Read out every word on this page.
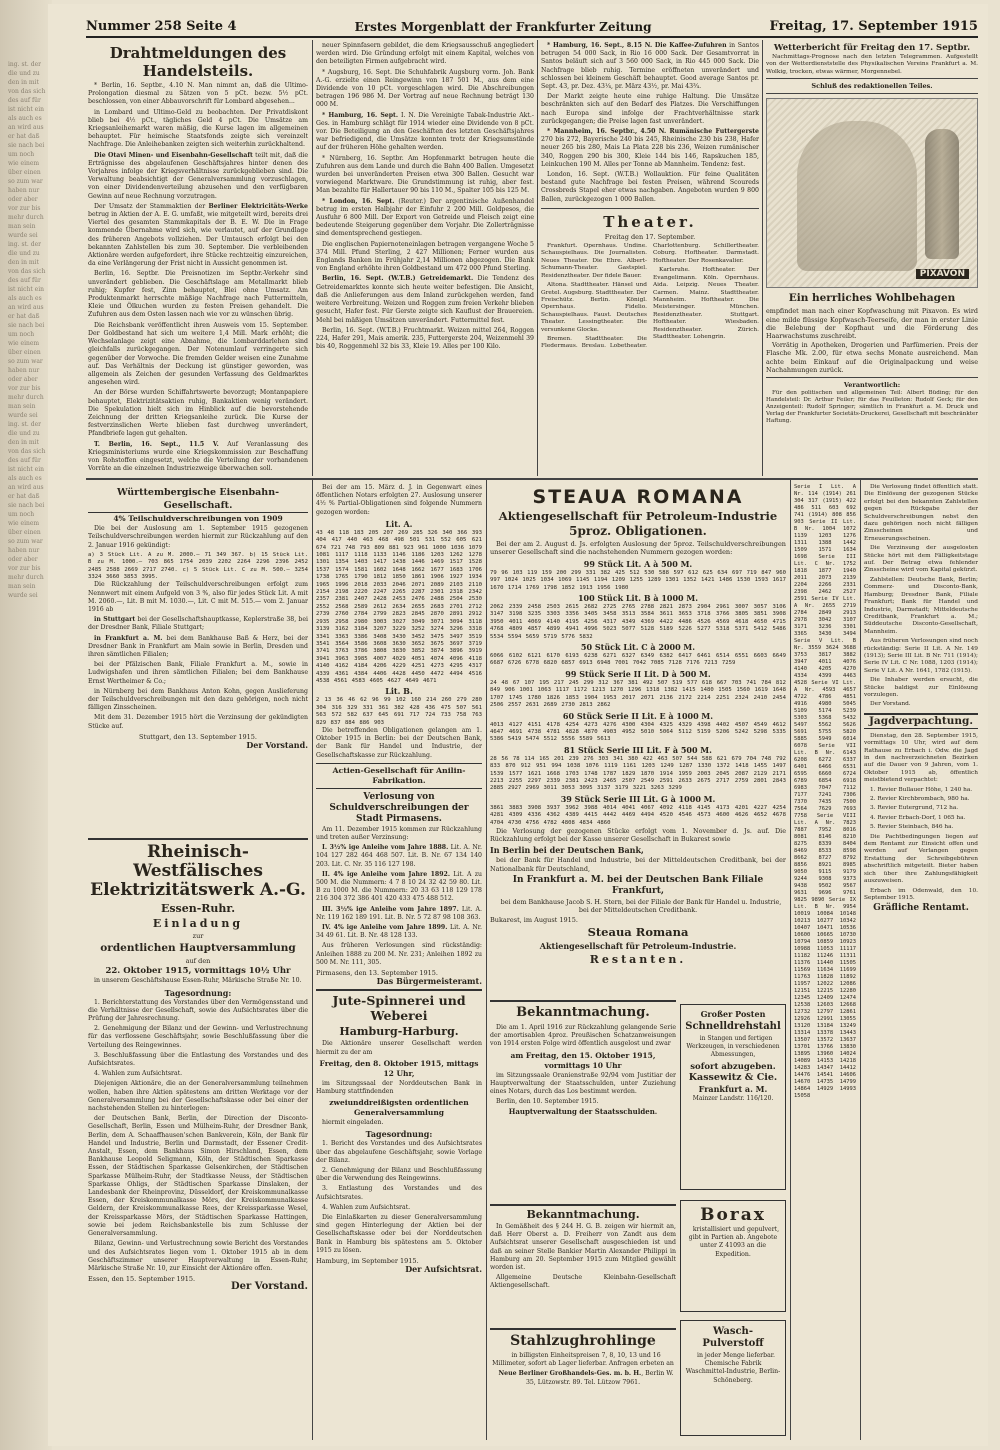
ing. st. der die und zu den in mit von das sich des auf für ist nicht ein als auch es an wird aus er hat daß sie nach bei um noch wie einem über einen so zum war haben nur oder aber vor zur bis mehr durch man sein wurde sei ing. st. der die und zu den in mit von das sich des auf für ist nicht ein als auch es an wird aus er hat daß sie nach bei um noch wie einem über einen so zum war haben nur oder aber vor zur bis mehr durch man sein wurde sei ing. st. der die und zu den in mit von das sich des auf für ist nicht ein als auch es an wird aus er hat daß sie nach bei um noch wie einem über einen so zum war haben nur oder aber vor zur bis mehr durch man sein wurde sei
Nummer 258 Seite 4	Erstes Morgenblatt der Frankfurter Zeitung	Freitag, 17. September 1915
Drahtmeldungen des Handelsteils.

* Berlin, 16. Septbr., 4.10 N. Man nimmt an, daß die Ultimo-Prolongation diesmal zu Sätzen von 5 pCt. bezw. 5½ pCt. beschlossen, von einer Abbauvorschrift für Lombard abgesehen...

in Lombard und Ultimo-Geld zu beobachten. Der Privatdiskont blieb bei 4½ pCt., tägliches Geld 4 pCt. Die Umsätze am Kriegsanleihemarkt waren mäßig, die Kurse lagen im allgemeinen behauptet. Für heimische Staatsfonds zeigte sich vereinzelt Nachfrage. Die Anleihebanken zeigten sich weiterhin zurückhaltend.

Die Otavi Minen- und Eisenbahn-Gesellschaft teilt mit, daß die Erträgnisse des abgelaufenen Geschäftsjahres hinter denen des Vorjahres infolge der Kriegsverhältnisse zurückgeblieben sind. Die Verwaltung beabsichtigt der Generalversammlung vorzuschlagen, von einer Dividendenverteilung abzusehen und den verfügbaren Gewinn auf neue Rechnung vorzutragen.

Der Umsatz der Stammaktien der Berliner Elektricitäts-Werke betrug in Aktien der A. E. G. umfaßt, wie mitgeteilt wird, bereits drei Viertel des gesamten Stammkapitals der B. E. W. Die in Frage kommende Übernahme wird sich, wie verlautet, auf der Grundlage des früheren Angebots vollziehen. Der Umtausch erfolgt bei den bekannten Zahlstellen bis zum 30. September. Die verbleibenden Aktionäre werden aufgefordert, ihre Stücke rechtzeitig einzureichen, da eine Verlängerung der Frist nicht in Aussicht genommen ist.

Berlin, 16. Septbr. Die Preisnotizen im Septbr.-Verkehr sind unverändert geblieben. Die Geschäftslage am Metallmarkt blieb ruhig; Kupfer fest, Zinn behauptet, Blei ohne Umsatz. Am Produktenmarkt herrschte mäßige Nachfrage nach Futtermitteln, Kleie und Ölkuchen wurden zu festen Preisen gehandelt. Die Zufuhren aus dem Osten lassen nach wie vor zu wünschen übrig.

Die Reichsbank veröffentlicht ihren Ausweis vom 15. September. Der Goldbestand hat sich um weitere 1,4 Mill. Mark erhöht; die Wechselanlage zeigt eine Abnahme, die Lombarddarlehen sind gleichfalls zurückgegangen. Der Notenumlauf verringerte sich gegenüber der Vorwoche. Die fremden Gelder weisen eine Zunahme auf. Das Verhältnis der Deckung ist günstiger geworden, was allgemein als Zeichen der gesunden Verfassung des Geldmarktes angesehen wird.

An der Börse wurden Schiffahrtswerte bevorzugt; Montanpapiere behauptet, Elektrizitätsaktien ruhig, Bankaktien wenig verändert. Die Spekulation hielt sich im Hinblick auf die bevorstehende Zeichnung der dritten Kriegsanleihe zurück. Die Kurse der festverzinslichen Werte blieben fast durchweg unverändert, Pfandbriefe lagen gut gehalten.

T. Berlin, 16. Sept., 11.5 V. Auf Veranlassung des Kriegsministeriums wurde eine Kriegskommission zur Beschaffung von Rohstoffen eingesetzt, welche die Verteilung der vorhandenen Vorräte an die einzelnen Industriezweige überwachen soll.

neuer Spinnfasern gebildet, die dem Kriegsausschuß angegliedert werden wird. Die Gründung erfolgt mit einem Kapital, welches von den beteiligten Firmen aufgebracht wird.

* Augsburg, 16. Sept. Die Schuhfabrik Augsburg vorm. Joh. Bank A.-G. erzielte einen Reingewinn von 187 501 M., aus dem eine Dividende von 10 pCt. vorgeschlagen wird. Die Abschreibungen betragen 196 986 M. Der Vortrag auf neue Rechnung beträgt 130 000 M.

* Hamburg, 16. Sept. I. N. Die Vereinigte Tabak-Industrie Akt.-Ges. in Hamburg schlägt für 1914 wieder eine Dividende von 8 pCt. vor. Die Beteiligung an den Geschäften des letzten Geschäftsjahres war befriedigend, die Umsätze konnten trotz der Kriegsumstände auf der früheren Höhe gehalten werden.

* Nürnberg, 16. Septbr. Am Hopfenmarkt betrugen heute die Zufuhren aus dem Lande und durch die Bahn 400 Ballen. Umgesetzt wurden bei unveränderten Preisen etwa 300 Ballen. Gesucht war vorwiegend Marktware. Die Grundstimmung ist ruhig, aber fest. Man bezahlte für Hallertauer 90 bis 110 M., Spalter 105 bis 125 M.

* London, 16. Sept. (Reuter.) Der argentinische Außenhandel betrug im ersten Halbjahr der Einfuhr 2 200 Mill. Goldpesos, die Ausfuhr 6 800 Mill. Der Export von Getreide und Fleisch zeigt eine bedeutende Steigerung gegenüber dem Vorjahr. Die Zollerträgnisse sind dementsprechend gestiegen.

Die englischen Papiernoteneinlagen betragen vergangene Woche 5 374 Mill. Pfund Sterling, 2 427 Millionen; Ferner wurden aus Englands Banken im Frühjahr 2,14 Millionen abgezogen. Die Bank von England erhöhte ihren Goldbestand um 472 000 Pfund Sterling.

Berlin, 16. Sept. (W.T.B.) Getreidemarkt. Die Tendenz des Getreidemarktes konnte sich heute weiter befestigen. Die Ansicht, daß die Anlieferungen aus dem Inland zurückgehen werden, fand weitere Verbreitung. Weizen und Roggen zum freien Verkehr blieben gesucht, Hafer fest. Für Gerste zeigte sich Kauflust der Brauereien. Mehl bei mäßigen Umsätzen unverändert. Futtermittel fest.

Berlin, 16. Sept. (W.T.B.) Fruchtmarkt. Weizen mittel 264, Roggen 224, Hafer 291, Mais amerik. 235, Futtergerste 204, Weizenmehl 39 bis 40, Roggenmehl 32 bis 33, Kleie 19. Alles per 100 Kilo.

* Hamburg, 16. Sept., 8.15 N. Die Kaffee-Zufuhren in Santos betrugen 54 000 Sack, in Rio 16 000 Sack. Der Gesamtvorrat in Santos beläuft sich auf 3 560 000 Sack, in Rio 445 000 Sack. Die Nachfrage blieb ruhig. Termine eröffneten unverändert und schlossen bei kleinem Geschäft behauptet. Good average Santos pr. Sept. 43, pr. Dez. 43¼, pr. März 43½, pr. Mai 43¾.

Der Markt zeigte heute eine ruhige Haltung. Die Umsätze beschränkten sich auf den Bedarf des Platzes. Die Verschiffungen nach Europa sind infolge der Frachtverhältnisse stark zurückgegangen; die Preise lagen fast unverändert.

* Mannheim, 16. Septbr., 4.50 N. Rumänische Futtergerste 270 bis 272, Bayerische 240 bis 245, Rheinische 230 bis 238, Hafer neuer 265 bis 280, Mais La Plata 228 bis 236, Weizen rumänischer 340, Roggen 290 bis 300, Kleie 144 bis 146, Rapskuchen 185, Leinkuchen 190 M. Alles per Tonne ab Mannheim. Tendenz: fest.

London, 16. Sept. (W.T.B.) Wollauktion. Für feine Qualitäten bestand gute Nachfrage bei festen Preisen, während Scoureds Crossbreds Stapel eher etwas nachgaben. Angeboten wurden 9 800 Ballen, zurückgezogen 1 000 Ballen.

Theater.
Freitag den 17. September.

Frankfurt. Opernhaus. Undine. Schauspielhaus. Die Journalisten. Neues Theater. Die Ehre. Albert-Schumann-Theater. Gastspiel. Residenztheater. Der fidele Bauer.

Altona. Stadttheater. Hänsel und Gretel. Augsburg. Stadttheater. Der Freischütz. Berlin. Königl. Opernhaus. Fidelio. Schauspielhaus. Faust. Deutsches Theater. Lessingtheater. Die versunkene Glocke.

Bremen. Stadttheater. Die Fledermaus. Breslau. Lobetheater. Charlottenburg. Schillertheater. Coburg. Hoftheater. Darmstadt. Hoftheater. Der Rosenkavalier.

Karlsruhe. Hoftheater. Der Evangelimann. Köln. Opernhaus. Aida. Leipzig. Neues Theater. Carmen. Mainz. Stadttheater. Mannheim. Hoftheater. Die Meistersinger. München. Residenztheater. Stuttgart. Hoftheater. Wiesbaden. Residenztheater. Zürich. Stadttheater. Lohengrin.

Wetterbericht für Freitag den 17. Septbr.

Nachmittags-Prognose nach den letzten Telegrammen. Aufgestellt von der Wetterdienststelle des Physikalischen Vereins Frankfurt a. M. Wolkig, trocken, etwas wärmer, Morgennebel.

Schluß des redaktionellen Teiles.
PIXAVON
Ein herrliches Wohlbehagen
empfindet man nach einer Kopfwaschung mit Pixavon. Es wird eine milde flüssige Kopfwasch-Teerseife, der man in erster Linie die Belebung der Kopfhaut und die Förderung des Haarwachstums zuschreibt.

Vorrätig in Apotheken, Drogerien und Parfümerien. Preis der Flasche Mk. 2.00, für etwa sechs Monate ausreichend. Man achte beim Einkauf auf die Originalpackung und weise Nachahmungen zurück.

Verantwortlich:

Für den politischen und allgemeinen Teil: Albert Büding; für den Handelsteil: Dr. Arthur Feiler; für das Feuilleton: Rudolf Geck; für den Anzeigenteil: Rudolf Springer; sämtlich in Frankfurt a. M. Druck und Verlag der Frankfurter Societäts-Druckerei, Gesellschaft mit beschränkter Haftung.

Württembergische Eisenbahn-Gesellschaft.
4% Teilschuldverschreibungen von 1909

Die bei der Auslosung am 1. September 1915 gezogenen Teilschuldverschreibungen werden hiermit zur Rückzahlung auf den 2. Januar 1916 gekündigt:

a) 3 Stück Lit. A zu M. 2000.— 71 349 367. b) 15 Stück Lit. B zu M. 1000.— 703 865 1754 2039 2202 2264 2296 2396 2452 2485 2588 2669 2717 2740. c) 5 Stück Lit. C zu M. 500.— 3254 3324 3660 3853 3995.

Die Rückzahlung der Teilschuldverschreibungen erfolgt zum Nennwert mit einem Aufgeld von 3 %, also für jedes Stück Lit. A mit M. 2060.—, Lit. B mit M. 1030.—, Lit. C mit M. 515.— vom 2. Januar 1916 ab

in Stuttgart bei der Gesellschaftshauptkasse, Keplerstraße 38, bei der Dresdner Bank, Filiale Stuttgart;

in Frankfurt a. M. bei dem Bankhause Baß & Herz, bei der Dresdner Bank in Frankfurt am Main sowie in Berlin, Dresden und ihren sämtlichen Filialen;

bei der Pfälzischen Bank, Filiale Frankfurt a. M., sowie in Ludwigshafen und ihren sämtlichen Filialen; bei dem Bankhause Ernst Wertheimer & Co.;

in Nürnberg bei dem Bankhaus Anton Kohn, gegen Auslieferung der Teilschuldverschreibungen mit den dazu gehörigen, noch nicht fälligen Zinsscheinen.

Mit dem 31. Dezember 1915 hört die Verzinsung der gekündigten Stücke auf.

Stuttgart, den 13. September 1915.
Der Vorstand.
Rheinisch-Westfälisches Elektrizitätswerk A.-G.
Essen-Ruhr.
Einladung
zur
ordentlichen Hauptversammlung
auf den
22. Oktober 1915, vormittags 10½ Uhr

in unserem Geschäftshause Essen-Ruhr, Märkische Straße Nr. 10.

Tagesordnung:

1. Berichterstattung des Vorstandes über den Vermögensstand und die Verhältnisse der Gesellschaft, sowie des Aufsichtsrates über die Prüfung der Jahresrechnung.

2. Genehmigung der Bilanz und der Gewinn- und Verlustrechnung für das verflossene Geschäftsjahr, sowie Beschlußfassung über die Verteilung des Reingewinnes.

3. Beschlußfassung über die Entlastung des Vorstandes und des Aufsichtsrates.

4. Wahlen zum Aufsichtsrat.

Diejenigen Aktionäre, die an der Generalversammlung teilnehmen wollen, haben ihre Aktien spätestens am dritten Werktage vor der Generalversammlung bei der Gesellschaftskasse oder bei einer der nachstehenden Stellen zu hinterlegen:

der Deutschen Bank, Berlin, der Direction der Disconto-Gesellschaft, Berlin, Essen und Mülheim-Ruhr, der Dresdner Bank, Berlin, dem A. Schaaffhausen'schen Bankverein, Köln, der Bank für Handel und Industrie, Berlin und Darmstadt, der Essener Credit-Anstalt, Essen, dem Bankhaus Simon Hirschland, Essen, dem Bankhause Leopold Seligmann, Köln, der Städtischen Sparkasse Essen, der Städtischen Sparkasse Gelsenkirchen, der Städtischen Sparkasse Mülheim-Ruhr, der Stadtkasse Neuss, der Städtischen Sparkasse Ohligs, der Städtischen Sparkasse Dinslaken, der Landesbank der Rheinprovinz, Düsseldorf, der Kreiskommunalkasse Essen, der Kreiskommunalkasse Mörs, der Kreiskommunalkasse Geldern, der Kreiskommunalkasse Rees, der Kreissparkasse Wesel, der Kreissparkasse Mörs, der Städtischen Sparkasse Hattingen, sowie bei jedem Reichsbankstelle bis zum Schlusse der Generalversammlung.

Bilanz, Gewinn- und Verlustrechnung sowie Bericht des Vorstandes und des Aufsichtsrates liegen vom 1. Oktober 1915 ab in dem Geschäftszimmer unserer Hauptverwaltung in Essen-Ruhr, Märkische Straße Nr. 10, zur Einsicht der Aktionäre offen.

Essen, den 15. September 1915.
Der Vorstand.

Bei der am 15. März d. J. in Gegenwart eines öffentlichen Notars erfolgten 27. Auslosung unserer 4½ % Partial-Obligationen sind folgende Nummern gezogen worden:

Lit. A.
43 48 118 183 205 207 269 285 326 340 366 393 404 417 440 463 468 498 501 531 552 605 621 674 721 748 793 809 881 923 961 1000 1036 1079 1081 1117 1118 1133 1146 1186 1203 1262 1278 1301 1354 1403 1417 1438 1446 1469 1517 1528 1537 1574 1581 1602 1648 1662 1677 1683 1706 1738 1765 1790 1812 1850 1861 1906 1927 1934 1965 1996 2018 2033 2046 2071 2089 2103 2110 2154 2198 2220 2247 2265 2287 2301 2318 2342 2357 2381 2407 2428 2453 2476 2488 2504 2530 2552 2568 2589 2612 2634 2655 2683 2701 2712 2739 2760 2784 2799 2823 2845 2870 2891 2912 2935 2958 2980 3003 3027 3049 3071 3094 3118 3139 3162 3184 3207 3229 3252 3274 3296 3318 3341 3363 3386 3408 3430 3452 3475 3497 3519 3541 3564 3586 3608 3630 3652 3675 3697 3719 3741 3763 3786 3808 3830 3852 3874 3896 3919 3941 3963 3985 4007 4029 4051 4074 4096 4118 4140 4162 4184 4206 4229 4251 4273 4295 4317 4339 4361 4384 4406 4428 4450 4472 4494 4516 4538 4561 4583 4605 4627 4649 4671
Lit. B.
2 13 36 46 62 96 99 102 160 214 260 279 280 304 316 329 331 361 382 428 436 475 507 561 563 572 582 637 645 691 717 724 733 758 763 829 837 884 886 903

Die betreffenden Obligationen gelangen am 1. Oktober 1915 in Berlin: bei der Deutschen Bank, der Bank für Handel und Industrie, der Gesellschaftskasse zur Rückzahlung.

Actien-Gesellschaft für Anilin-Fabrikation.
Verlosung von Schuldverschreibungen der Stadt Pirmasens.

Am 11. Dezember 1915 kommen zur Rückzahlung und treten außer Verzinsung:

I. 3½% ige Anleihe vom Jahre 1888. Lit. A. Nr. 104 127 282 464 468 507. Lit. B. Nr. 67 134 140 203. Lit. C. Nr. 35 116 127 198.

II. 4% ige Anleihe vom Jahre 1892. Lit. A zu 500 M. die Nummern: 4 7 8 10 24 32 42 59 80. Lit. B zu 1000 M. die Nummern: 20 33 63 118 129 178 216 304 372 386 401 420 433 475 488 512.

III. 3½% ige Anleihe vom Jahre 1897. Lit. A. Nr. 119 162 189 191. Lit. B. Nr. 5 72 87 98 108 363.

IV. 4% ige Anleihe vom Jahre 1899. Lit. A. Nr. 34 49 61. Lit. B. Nr. 48 128 133.

Aus früheren Verlosungen sind rückständig: Anleihen 1888 zu 200 M. Nr. 231; Anleihen 1892 zu 500 M. Nr. 111, 305.

Pirmasens, den 13. September 1915.
Das Bürgermeisteramt.
Jute-Spinnerei und Weberei
Hamburg-Harburg.

Die Aktionäre unserer Gesellschaft werden hiermit zu der am

Freitag, den 8. Oktober 1915, mittags 12 Uhr,

im Sitzungssaal der Norddeutschen Bank in Hamburg stattfindenden

zweiunddreißigsten ordentlichen Generalversammlung

hiermit eingeladen.

Tagesordnung:

1. Bericht des Vorstandes und des Aufsichtsrates über das abgelaufene Geschäftsjahr, sowie Vorlage der Bilanz.

2. Genehmigung der Bilanz und Beschlußfassung über die Verwendung des Reingewinns.

3. Entlastung des Vorstandes und des Aufsichtsrates.

4. Wahlen zum Aufsichtsrat.

Die Einlaßkarten zu dieser Generalversammlung sind gegen Hinterlegung der Aktien bei der Gesellschaftskasse oder bei der Norddeutschen Bank in Hamburg bis spätestens am 5. Oktober 1915 zu lösen.

Hamburg, im September 1915.
Der Aufsichtsrat.
STEAUA ROMANA
Aktiengesellschaft für Petroleum-Industrie
5proz. Obligationen.

Bei der am 2. August d. Js. erfolgten Auslosung der 5proz. Teilschuldverschreibungen unserer Gesellschaft sind die nachstehenden Nummern gezogen worden:

99 Stück Lit. A à 500 M.
79 96 103 119 159 200 299 331 382 425 512 530 588 597 612 625 634 697 719 847 960 997 1024 1025 1034 1069 1145 1194 1209 1255 1289 1301 1352 1421 1486 1530 1593 1617 1670 1714 1769 1798 1852 1913 1956 1980
100 Stück Lit. B à 1000 M.
2062 2339 2458 2503 2615 2682 2725 2765 2788 2821 2873 2904 2961 3007 3057 3106 3147 3198 3235 3303 3356 3405 3458 3513 3584 3611 3653 3718 3766 3805 3851 3908 3950 4011 4069 4140 4195 4256 4317 4349 4369 4422 4486 4526 4569 4618 4650 4715 4768 4809 4857 4899 4941 4996 5023 5077 5128 5189 5226 5277 5318 5371 5412 5486 5534 5594 5659 5719 5776 5832
50 Stück Lit. C à 2000 M.
6066 6102 6121 6170 6193 6238 6271 6327 6349 6382 6417 6461 6514 6551 6603 6649 6687 6726 6778 6820 6857 6913 6948 7001 7042 7085 7128 7176 7213 7259
99 Stück Serie II Lit. D à 500 M.
24 48 67 107 195 217 245 299 312 367 381 492 507 519 577 618 667 703 741 784 812 849 906 1001 1063 1117 1172 1213 1270 1296 1318 1382 1415 1480 1505 1560 1619 1648 1707 1745 1780 1826 1853 1904 1953 2017 2071 2136 2172 2214 2251 2324 2410 2454 2506 2557 2631 2689 2730 2813 2862
60 Stück Serie II Lit. E à 1000 M.
4013 4127 4151 4178 4254 4273 4276 4300 4304 4325 4329 4398 4402 4507 4549 4612 4647 4691 4738 4781 4828 4870 4903 4952 5010 5064 5112 5159 5206 5242 5298 5335 5386 5419 5474 5512 5556 5589 5613
81 Stück Serie III Lit. F à 500 M.
28 56 78 114 165 201 239 276 303 341 380 422 463 507 544 588 621 679 704 748 792 833 870 912 951 994 1038 1076 1119 1161 1203 1249 1287 1330 1372 1418 1455 1497 1539 1577 1621 1668 1703 1748 1787 1829 1870 1914 1959 2003 2045 2087 2129 2171 2213 2255 2297 2339 2381 2423 2465 2507 2549 2591 2633 2675 2717 2759 2801 2843 2885 2927 2969 3011 3053 3095 3137 3179 3221 3263 3299
39 Stück Serie III Lit. G à 1000 M.
3861 3883 3908 3937 3962 3988 4014 4041 4067 4092 4118 4145 4173 4201 4227 4254 4281 4309 4336 4362 4389 4415 4442 4469 4494 4520 4546 4573 4600 4626 4652 4678 4704 4730 4756 4782 4808 4834 4860

Die Verlosung der gezogenen Stücke erfolgt vom 1. November d. Js. auf. Die Rückzahlung erfolgt bei der Kasse unserer Gesellschaft in Bukarest sowie

In Berlin bei der Deutschen Bank,

bei der Bank für Handel und Industrie, bei der Mitteldeutschen Creditbank, bei der Nationalbank für Deutschland,

In Frankfurt a. M. bei der Deutschen Bank Filiale Frankfurt,

bei dem Bankhause Jacob S. H. Stern, bei der Filiale der Bank für Handel u. Industrie, bei der Mitteldeutschen Creditbank.

Bukarest, im August 1915.
Steaua Romana
Aktiengesellschaft für Petroleum-Industrie.
Restanten.
Bekanntmachung.

Die am 1. April 1916 zur Rückzahlung gelangende Serie der amortisablen 4proz. Preußischen Schatzanweisungen von 1914 ersten Folge wird öffentlich ausgelost und zwar

am Freitag, den 15. Oktober 1915, vormittags 10 Uhr

im Sitzungssaale Oranienstraße 92/94 vom Justitiar der Hauptverwaltung der Staatsschulden, unter Zuziehung eines Notars, durch das Los bestimmt werden.

Berlin, den 10. September 1915.

Hauptverwaltung der Staatsschulden.
Bekanntmachung.

In Gemäßheit des § 244 H. G. B. zeigen wir hiermit an, daß Herr Oberst a. D. Freiherr von Zandt aus dem Aufsichtsrat unserer Gesellschaft ausgeschieden ist und daß an seiner Stelle Bankier Martin Alexander Philippi in Hamburg am 20. September 1915 zum Mitglied gewählt worden ist.

Allgemeine Deutsche Kleinbahn-Gesellschaft Aktiengesellschaft.

Stahlzughrohlinge

in billigsten Einheitspreisen 7, 8, 10, 13 und 16 Millimeter, sofort ab Lager lieferbar. Anfragen erbeten an

Neue Berliner Großhandels-Ges. m. b. H., Berlin W. 35, Lützowstr. 89. Tel. Lützow 7961.

Großer Posten
Schnelldrehstahl

in Stangen und fertigen Werkzeugen, in verschiedenen Abmessungen,

sofort abzugeben.
Kassewitz & Cie.
Frankfurt a. M.
Mainzer Landstr. 116/120.
Borax

kristallisiert und gepulvert, gibt in Partien ab. Angebote unter Z 41093 an die Expedition.

Wasch-Pulverstoff

in jeder Menge lieferbar. Chemische Fabrik Waschmittel-Industrie, Berlin-Schöneberg.

Serie I Lit. A Nr. 114 (1914) 261 304 317 (1915) 422 486 511 603 692 741 (1914) 808 856 903 Serie II Lit. B Nr. 1004 1072 1139 1203 1276 1311 1388 1442 1509 1571 1634 1698 Serie III Lit. C Nr. 1752 1818 1877 1940 2011 2073 2139 2204 2266 2331 2398 2462 2527 2591 Serie IV Lit. A Nr. 2655 2719 2784 2849 2913 2978 3042 3107 3171 3236 3301 3365 3430 3494 Serie V Lit. B Nr. 3559 3624 3688 3753 3817 3882 3947 4011 4076 4140 4205 4270 4334 4399 4463 4528 Serie VI Lit. A Nr. 4593 4657 4722 4786 4851 4916 4980 5045 5109 5174 5239 5303 5368 5432 5497 5562 5626 5691 5755 5820 5885 5949 6014 6078 Serie VII Lit. B Nr. 6143 6208 6272 6337 6401 6466 6531 6595 6660 6724 6789 6854 6918 6983 7047 7112 7177 7241 7306 7370 7435 7500 7564 7629 7693 7758 Serie VIII Lit. A Nr. 7823 7887 7952 8016 8081 8146 8210 8275 8339 8404 8469 8533 8598 8662 8727 8792 8856 8921 8985 9050 9115 9179 9244 9308 9373 9438 9502 9567 9631 9696 9761 9825 9890 Serie IX Lit. B Nr. 9954 10019 10084 10148 10213 10277 10342 10407 10471 10536 10600 10665 10730 10794 10859 10923 10988 11053 11117 11182 11246 11311 11376 11440 11505 11569 11634 11699 11763 11828 11892 11957 12022 12086 12151 12215 12280 12345 12409 12474 12538 12603 12668 12732 12797 12861 12926 12991 13055 13120 13184 13249 13314 13378 13443 13507 13572 13637 13701 13766 13830 13895 13960 14024 14089 14153 14218 14283 14347 14412 14476 14541 14606 14670 14735 14799 14864 14929 14993 15058

Die Verlosung findet öffentlich statt. Die Einlösung der gezogenen Stücke erfolgt bei den bekannten Zahlstellen gegen Rückgabe der Schuldverschreibungen nebst den dazu gehörigen noch nicht fälligen Zinsscheinen und Erneuerungsscheinen.

Die Verzinsung der ausgelosten Stücke hört mit dem Fälligkeitstage auf. Der Betrag etwa fehlender Zinsscheine wird vom Kapital gekürzt.

Zahlstellen: Deutsche Bank, Berlin; Commerz- und Disconto-Bank, Hamburg; Dresdner Bank, Filiale Frankfurt; Bank für Handel und Industrie, Darmstadt; Mitteldeutsche Creditbank, Frankfurt a. M.; Süddeutsche Disconto-Gesellschaft, Mannheim.

Aus früheren Verlosungen sind noch rückständig: Serie II Lit. A Nr. 149 (1913); Serie III Lit. B Nr. 711 (1914); Serie IV Lit. C Nr. 1088, 1203 (1914); Serie V Lit. A Nr. 1641, 1782 (1915).

Die Inhaber werden ersucht, die Stücke baldigst zur Einlösung vorzulegen.

Der Vorstand.

Jagdverpachtung.

Dienstag, den 28. September 1915, vormittags 10 Uhr, wird auf dem Rathause zu Erbach i. Odw. die Jagd in den nachverzeichneten Bezirken auf die Dauer von 9 Jahren, vom 1. Oktober 1915 ab, öffentlich meistbietend verpachtet:

1. Revier Bullauer Höhe, 1 240 ha.

2. Revier Kirchbrombach, 980 ha.

3. Revier Eutergrund, 712 ha.

4. Revier Erbach-Dorf, 1 065 ha.

5. Revier Steinbach, 846 ha.

Die Pachtbedingungen liegen auf dem Rentamt zur Einsicht offen und werden auf Verlangen gegen Erstattung der Schreibgebühren abschriftlich mitgeteilt. Bieter haben sich über ihre Zahlungsfähigkeit auszuweisen.

Erbach im Odenwald, den 10. September 1915.

Gräfliche Rentamt.
